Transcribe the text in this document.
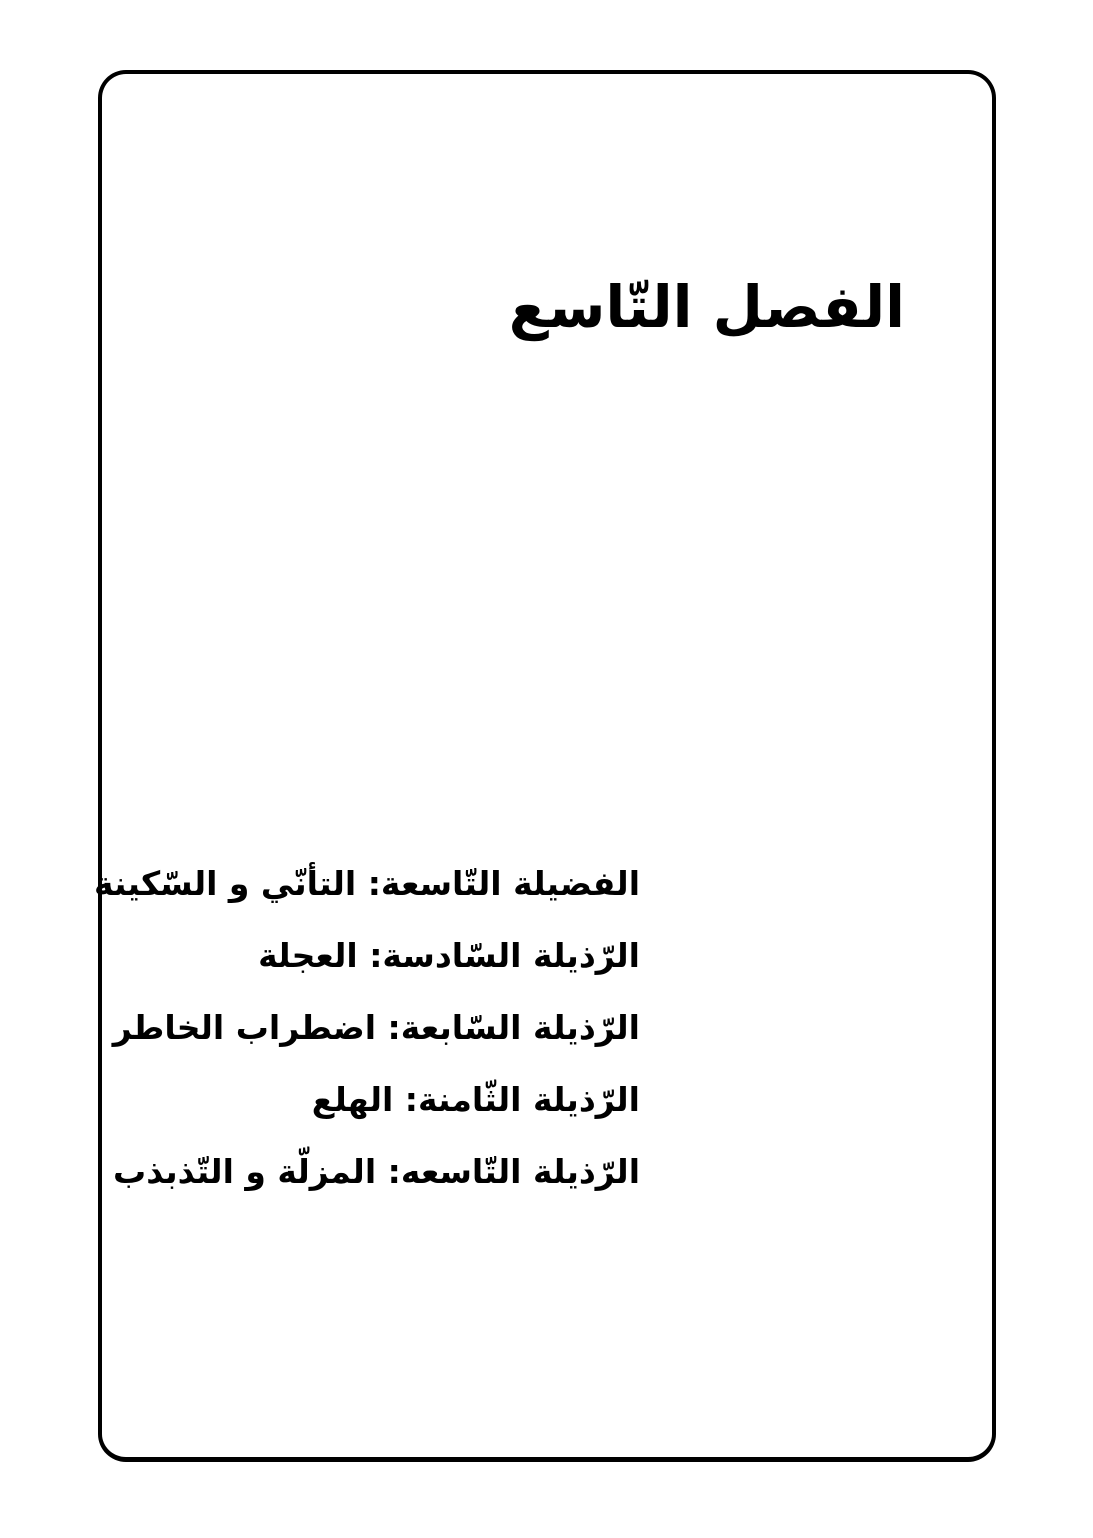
الفصل التّاسع
الفضيلة التّاسعة: التأنّي و السّكينة
الرّذيلة السّادسة: العجلة
الرّذيلة السّابعة: اضطراب الخاطر
الرّذيلة الثّامنة: الهلع
الرّذيلة التّاسعه: المزلّة و التّذبذب
